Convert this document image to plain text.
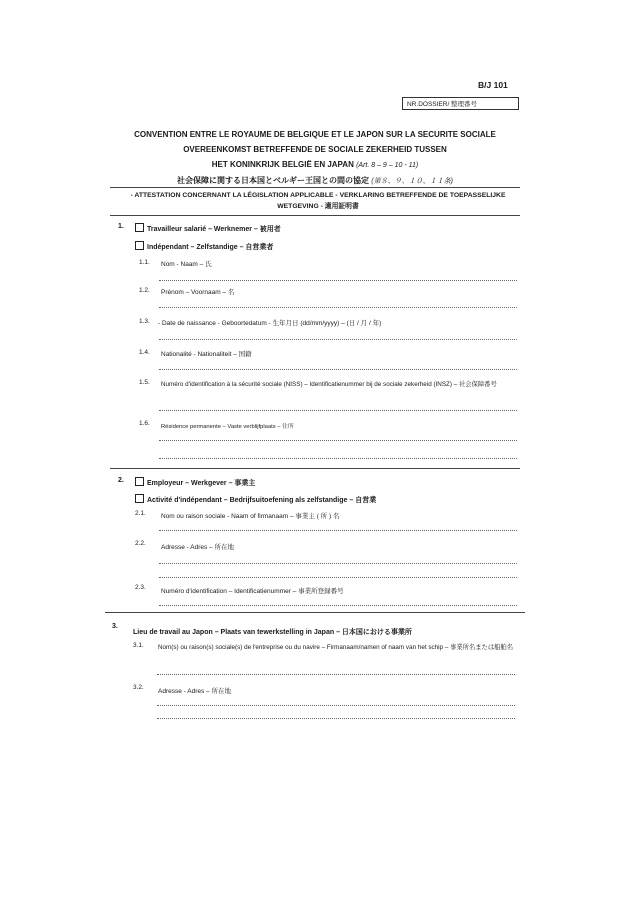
B/J 101
NR.DOSSIER/ 整理番号
CONVENTION ENTRE LE ROYAUME DE BELGIQUE ET LE JAPON SUR LA SECURITE SOCIALE
OVEREENKOMST BETREFFENDE DE SOCIALE ZEKERHEID TUSSEN
HET KONINKRIJK BELGIË EN JAPAN (Art. 8 – 9 – 10 - 11)
社会保障に関する日本国とベルギー王国との間の協定 (第８、９、１０、１１条)
- ATTESTATION CONCERNANT LA LÉGISLATION APPLICABLE - VERKLARING BETREFFENDE DE TOEPASSELIJKE WETGEVING - 適用証明書
1.	Travailleur salarié – Werknemer – 被用者
Indépendant – Zelfstandige – 自営業者
1.1. Nom - Naam – 氏
1.2. Prénom – Voornaam – 名
1.3. - Date de naissance - Geboortedatum - 生年月日 (dd/mm/yyyy) – (日 / 月 / 年)
1.4. Nationalité - Nationaliteit – 国籍
1.5. Numéro d'identification à la sécurité sociale (NISS) – Identificatienummer bij de sociale zekerheid (INSZ) – 社会保障番号
1.6. Résidence permanente – Vaste verblijfplaats – 住所
2.	Employeur – Werkgever – 事業主
Activité d'indépendant – Bedrijfsuitoefening als zelfstandige – 自営業
2.1. Nom ou raison sociale - Naam of firmanaam – 事業主 ( 所 ) 名
2.2.
Adresse - Adres – 所在地
2.3.
Numéro d'identification – Identificatienummer – 事業所登録番号
3.
Lieu de travail au Japon – Plaats van tewerkstelling in Japan – 日本国における事業所
3.1. Nom(s) ou raison(s) sociale(s) de l'entreprise ou du navire – Firmanaam/namen of naam van het schip – 事業所名または船舶名
3.2.
Adresse - Adres – 所在地
